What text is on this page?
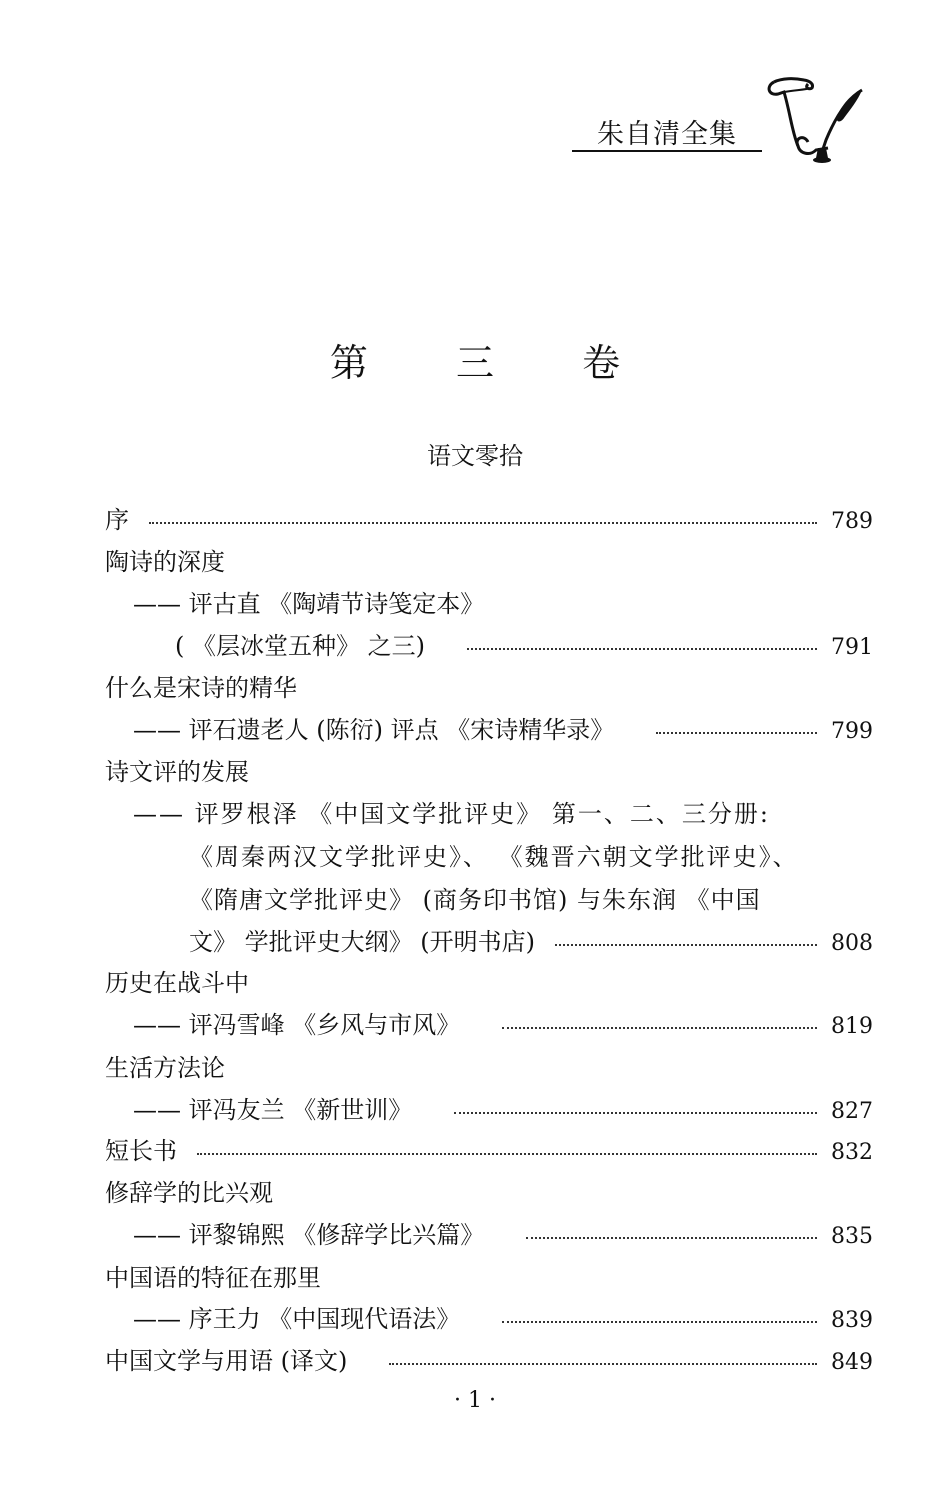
朱自清全集
第 三 卷
语文零拾
序	789
陶诗的深度
—— 评古直 《陶靖节诗笺定本》
( 《层冰堂五种》 之三)	791
什么是宋诗的精华
—— 评石遗老人 (陈衍) 评点 《宋诗精华录》	799
诗文评的发展
—— 评罗根泽 《中国文学批评史》 第一、二、三分册:
《周秦两汉文学批评史》、 《魏晋六朝文学批评史》、
《隋唐文学批评史》 (商务印书馆) 与朱东润 《中国
文》 学批评史大纲》 (开明书店)	808
历史在战斗中
—— 评冯雪峰 《乡风与市风》	819
生活方法论
—— 评冯友兰 《新世训》	827
短长书	832
修辞学的比兴观
—— 评黎锦熙 《修辞学比兴篇》	835
中国语的特征在那里
—— 序王力 《中国现代语法》	839
中国文学与用语 (译文)	849
· 1 ·
